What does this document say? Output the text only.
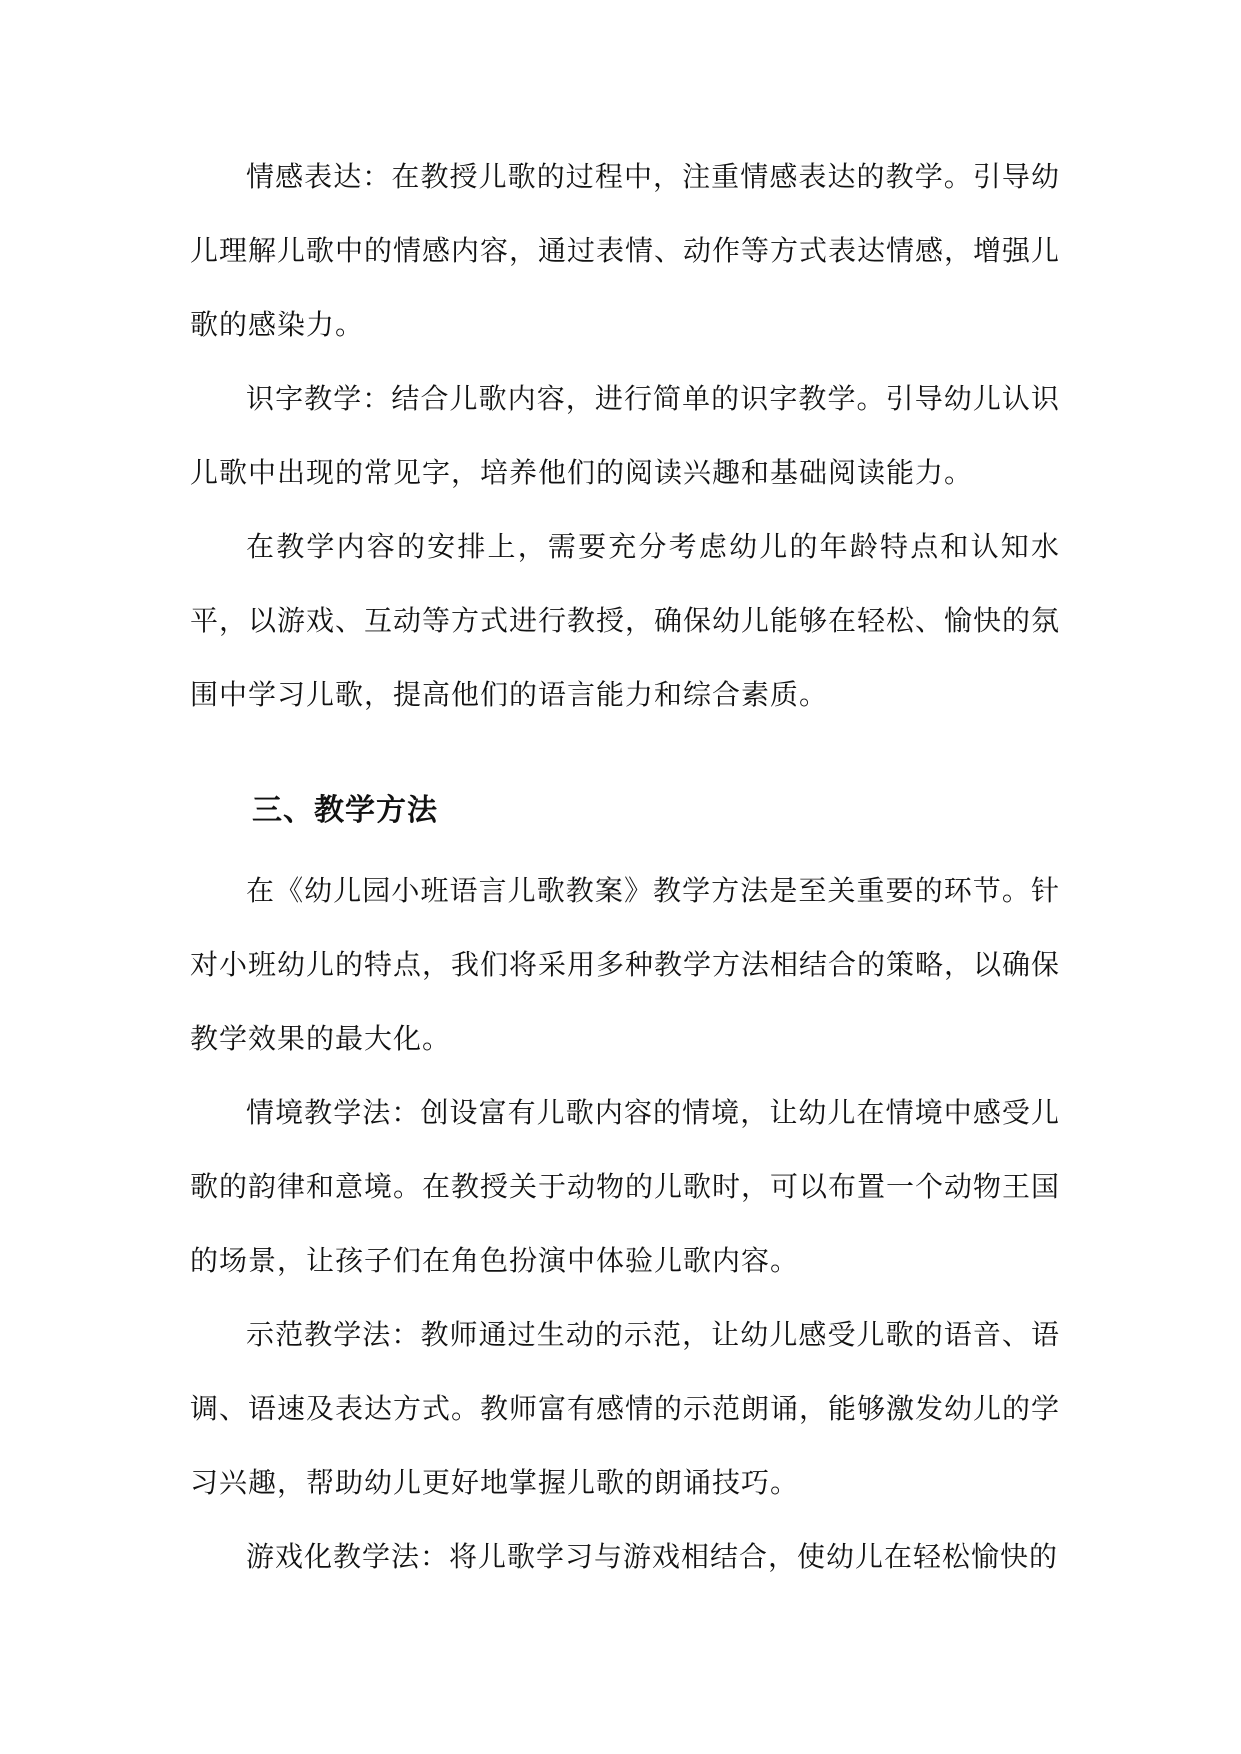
情感表达：在教授儿歌的过程中，注重情感表达的教学。引导幼儿理解儿歌中的情感内容，通过表情、动作等方式表达情感，增强儿歌的感染力。

识字教学：结合儿歌内容，进行简单的识字教学。引导幼儿认识儿歌中出现的常见字，培养他们的阅读兴趣和基础阅读能力。

在教学内容的安排上，需要充分考虑幼儿的年龄特点和认知水平，以游戏、互动等方式进行教授，确保幼儿能够在轻松、愉快的氛围中学习儿歌，提高他们的语言能力和综合素质。

三、教学方法

在《幼儿园小班语言儿歌教案》教学方法是至关重要的环节。针对小班幼儿的特点，我们将采用多种教学方法相结合的策略，以确保教学效果的最大化。

情境教学法：创设富有儿歌内容的情境，让幼儿在情境中感受儿歌的韵律和意境。在教授关于动物的儿歌时，可以布置一个动物王国的场景，让孩子们在角色扮演中体验儿歌内容。

示范教学法：教师通过生动的示范，让幼儿感受儿歌的语音、语调、语速及表达方式。教师富有感情的示范朗诵，能够激发幼儿的学习兴趣，帮助幼儿更好地掌握儿歌的朗诵技巧。

游戏化教学法：将儿歌学习与游戏相结合，使幼儿在轻松愉快的
